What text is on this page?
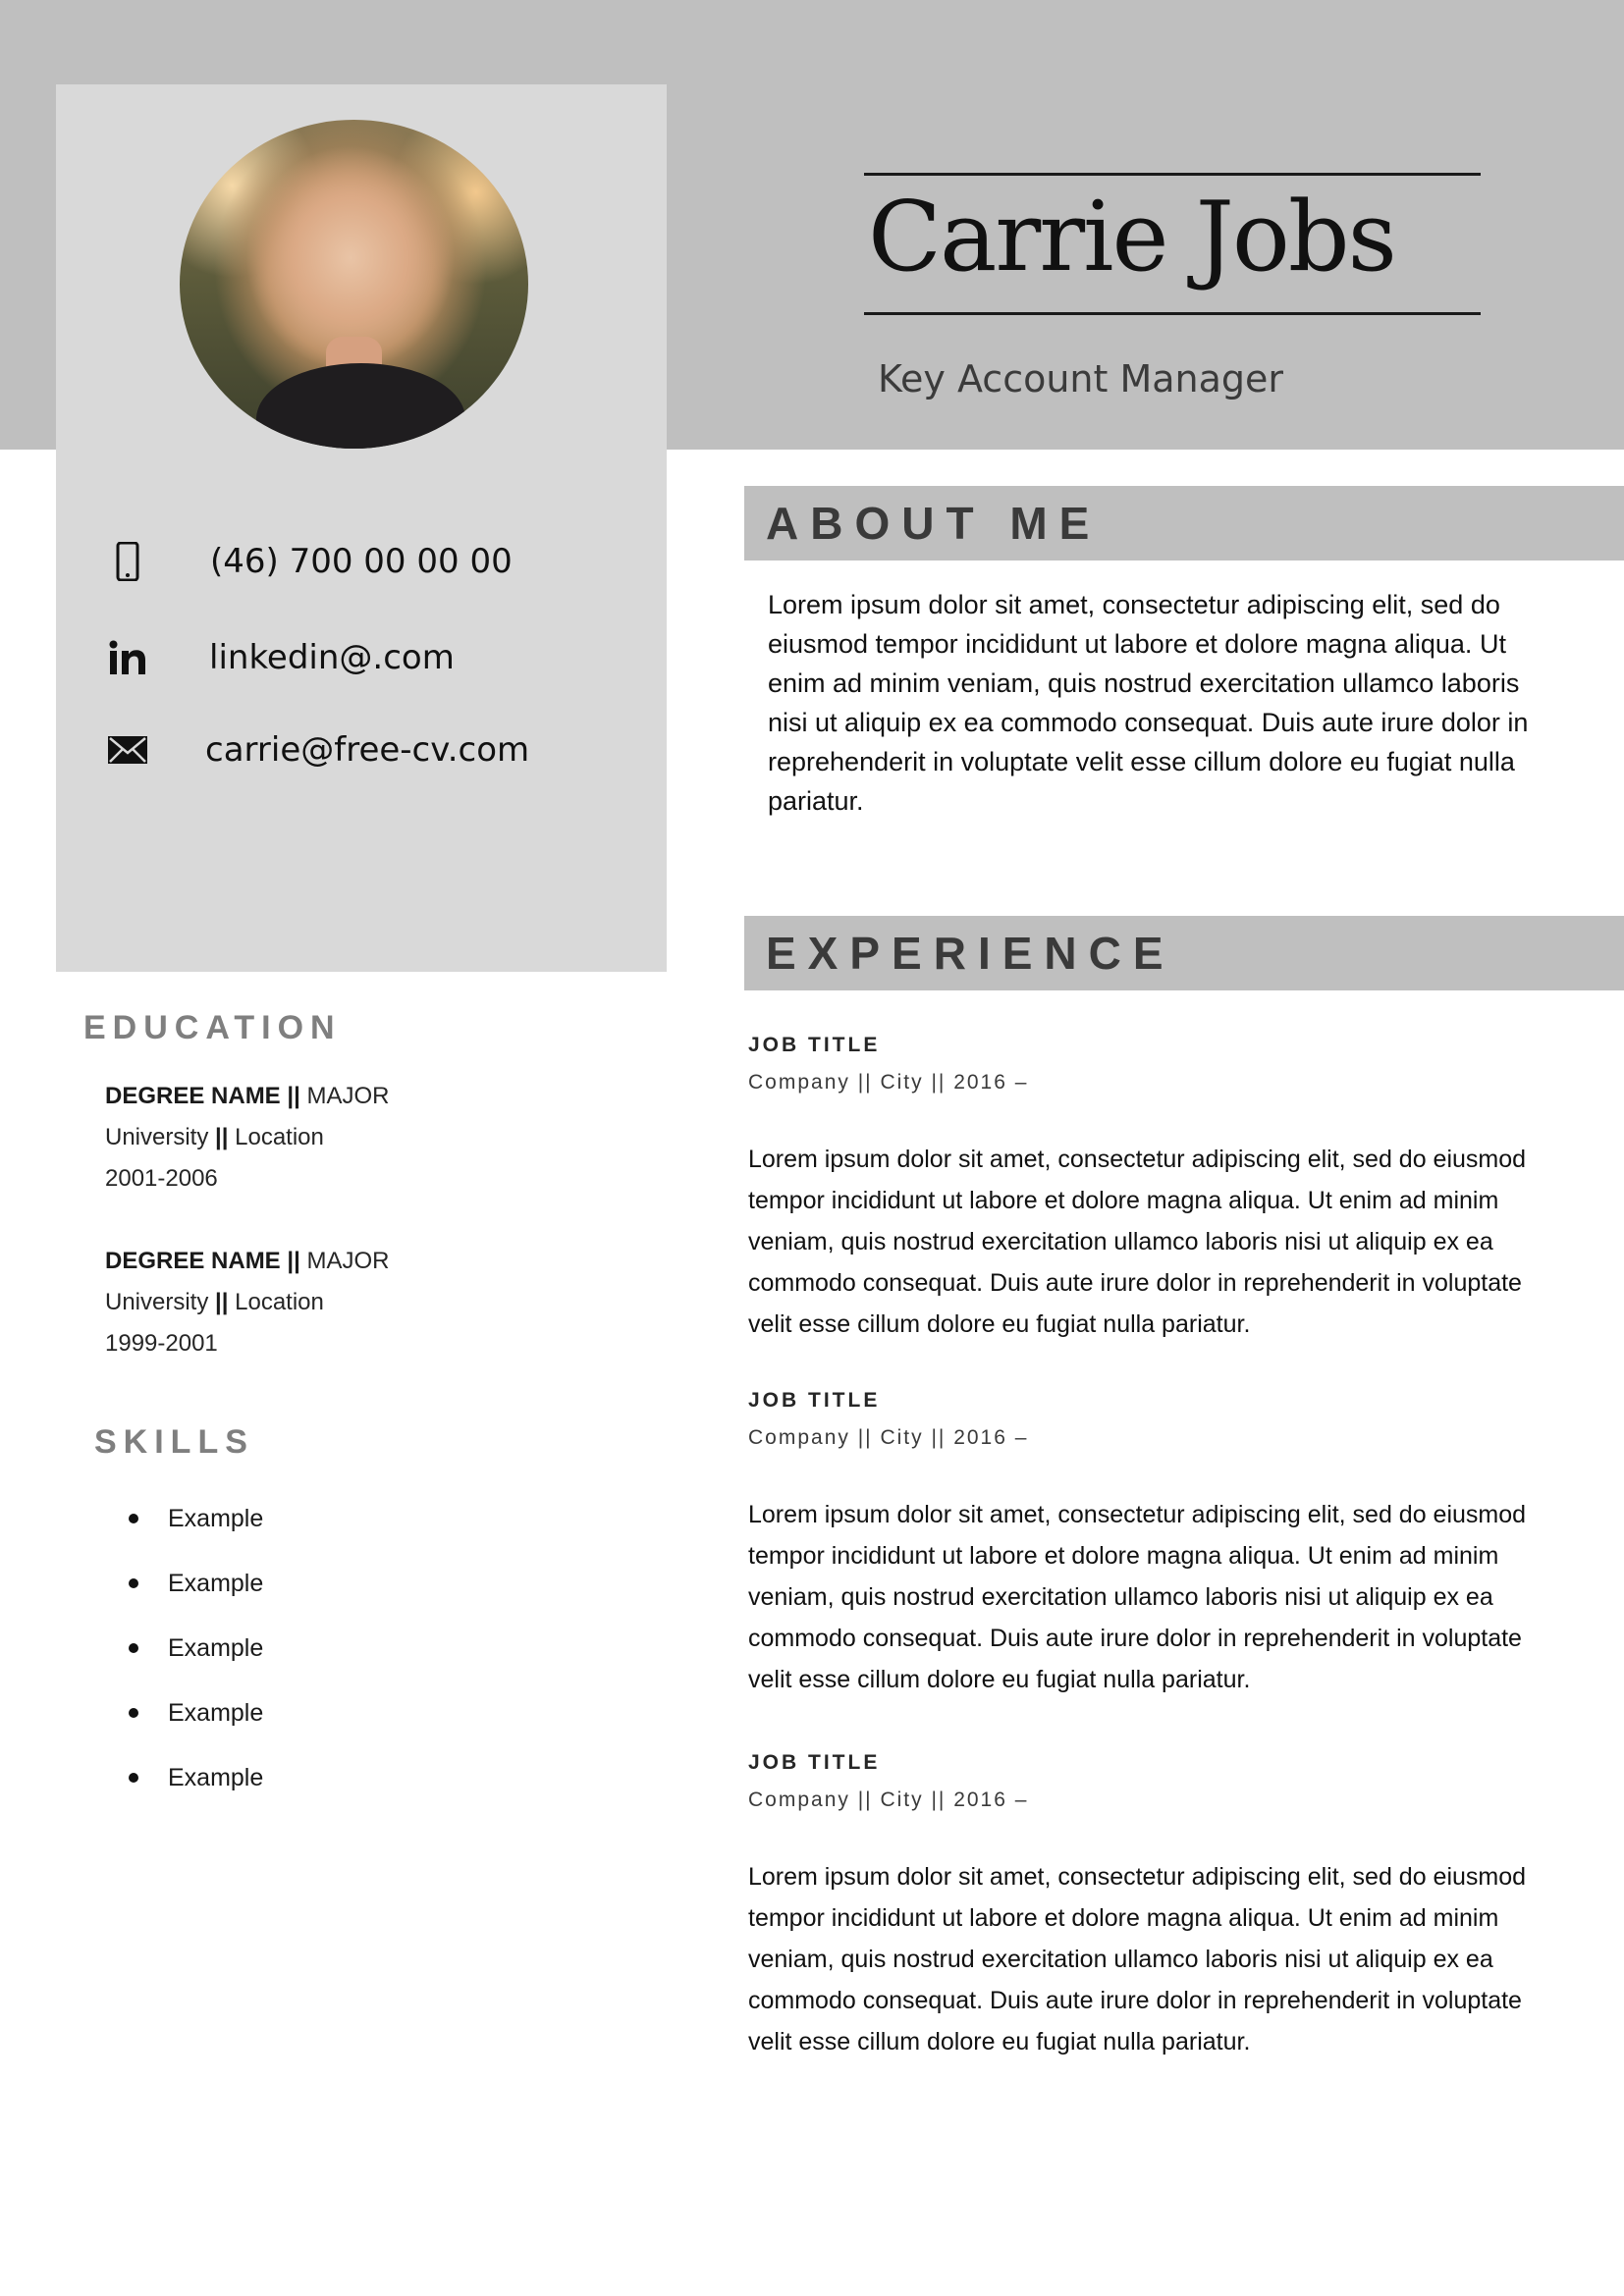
Carrie Jobs
Key Account Manager
(46) 700 00 00 00
linkedin@.com
carrie@free-cv.com
ABOUT ME
Lorem ipsum dolor sit amet, consectetur adipiscing elit, sed do eiusmod tempor incididunt ut labore et dolore magna aliqua. Ut enim ad minim veniam, quis nostrud exercitation ullamco laboris nisi ut aliquip ex ea commodo consequat. Duis aute irure dolor in reprehenderit in voluptate velit esse cillum dolore eu fugiat nulla pariatur.
EDUCATION
DEGREE NAME || MAJOR
University || Location
2001-2006
DEGREE NAME || MAJOR
University || Location
1999-2001
SKILLS
Example
Example
Example
Example
Example
EXPERIENCE
JOB TITLE
Company || City || 2016 –
Lorem ipsum dolor sit amet, consectetur adipiscing elit, sed do eiusmod tempor incididunt ut labore et dolore magna aliqua. Ut enim ad minim veniam, quis nostrud exercitation ullamco laboris nisi ut aliquip ex ea commodo consequat. Duis aute irure dolor in reprehenderit in voluptate velit esse cillum dolore eu fugiat nulla pariatur.
JOB TITLE
Company || City || 2016 –
Lorem ipsum dolor sit amet, consectetur adipiscing elit, sed do eiusmod tempor incididunt ut labore et dolore magna aliqua. Ut enim ad minim veniam, quis nostrud exercitation ullamco laboris nisi ut aliquip ex ea commodo consequat. Duis aute irure dolor in reprehenderit in voluptate velit esse cillum dolore eu fugiat nulla pariatur.
JOB TITLE
Company || City || 2016 –
Lorem ipsum dolor sit amet, consectetur adipiscing elit, sed do eiusmod tempor incididunt ut labore et dolore magna aliqua. Ut enim ad minim veniam, quis nostrud exercitation ullamco laboris nisi ut aliquip ex ea commodo consequat. Duis aute irure dolor in reprehenderit in voluptate velit esse cillum dolore eu fugiat nulla pariatur.
